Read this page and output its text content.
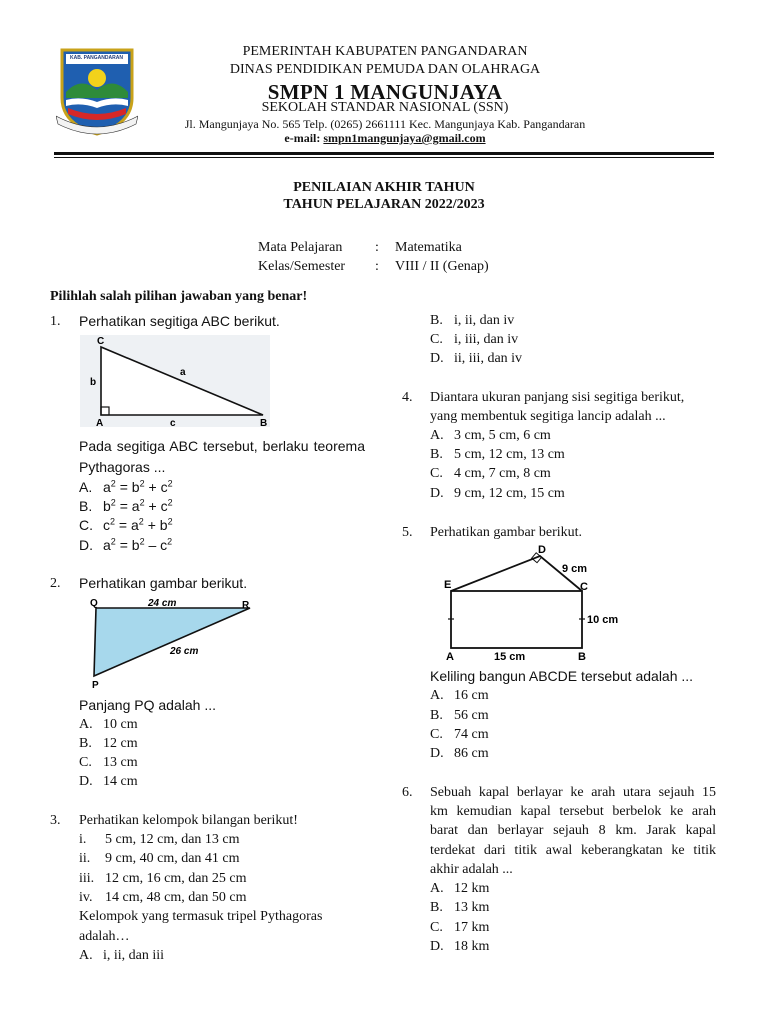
KAB. PANGANDARAN	PEMERINTAH KABUPATEN PANGANDARAN
DINAS PENDIDIKAN PEMUDA DAN OLAHRAGA
SMPN 1 MANGUNJAYA
SEKOLAH STANDAR NASIONAL (SSN)
Jl. Mangunjaya No. 565 Telp. (0265) 2661111 Kec. Mangunjaya Kab. Pangandaran
e-mail: smpn1mangunjaya@gmail.com
PENILAIAN AKHIR TAHUN
TAHUN PELAJARAN 2022/2023
Mata Pelajaran : Matematika
Kelas/Semester : VIII / II (Genap)
Pilihlah salah pilihan jawaban yang benar!
1. Perhatikan segitiga ABC berikut.
C
b
a
A	c	B
Pada segitiga ABC tersebut, berlaku teorema
Pythagoras ...
A. $a^2 = b^2 + c^2$
B. $b^2 = a^2 + c^2$
C. $c^2 = a^2 + b^2$
D. $a^2 = b^2 - c^2$
2. Perhatikan gambar berikut.
Q	24 cm	R
26 cm
P
Panjang PQ adalah ...
A. 10 cm
B. 12 cm
C. 13 cm
D. 14 cm
3. Perhatikan kelompok bilangan berikut!
i. 5 cm, 12 cm, dan 13 cm
ii. 9 cm, 40 cm, dan 41 cm
iii. 12 cm, 16 cm, dan 25 cm
iv. 14 cm, 48 cm, dan 50 cm
Kelompok yang termasuk tripel Pythagoras
adalah…
A. i, ii, dan iii
B. i, ii, dan iv
C. i, iii, dan iv
D. ii, iii, dan iv
4. Diantara ukuran panjang sisi segitiga berikut,
yang membentuk segitiga lancip adalah ...
A. 3 cm, 5 cm, 6 cm
B. 5 cm, 12 cm, 13 cm
C. 4 cm, 7 cm, 8 cm
D. 9 cm, 12 cm, 15 cm
5. Perhatikan gambar berikut.
D
9 cm
E	C
10 cm
A	15 cm	B
Keliling bangun ABCDE tersebut adalah ...
A. 16 cm
B. 56 cm
C. 74 cm
D. 86 cm
6. Sebuah kapal berlayar ke arah utara sejauh 15
km kemudian kapal tersebut berbelok ke arah
barat dan berlayar sejauh 8 km. Jarak kapal
terdekat dari titik awal keberangkatan ke titik
akhir adalah ...
A. 12 km
B. 13 km
C. 17 km
D. 18 km
